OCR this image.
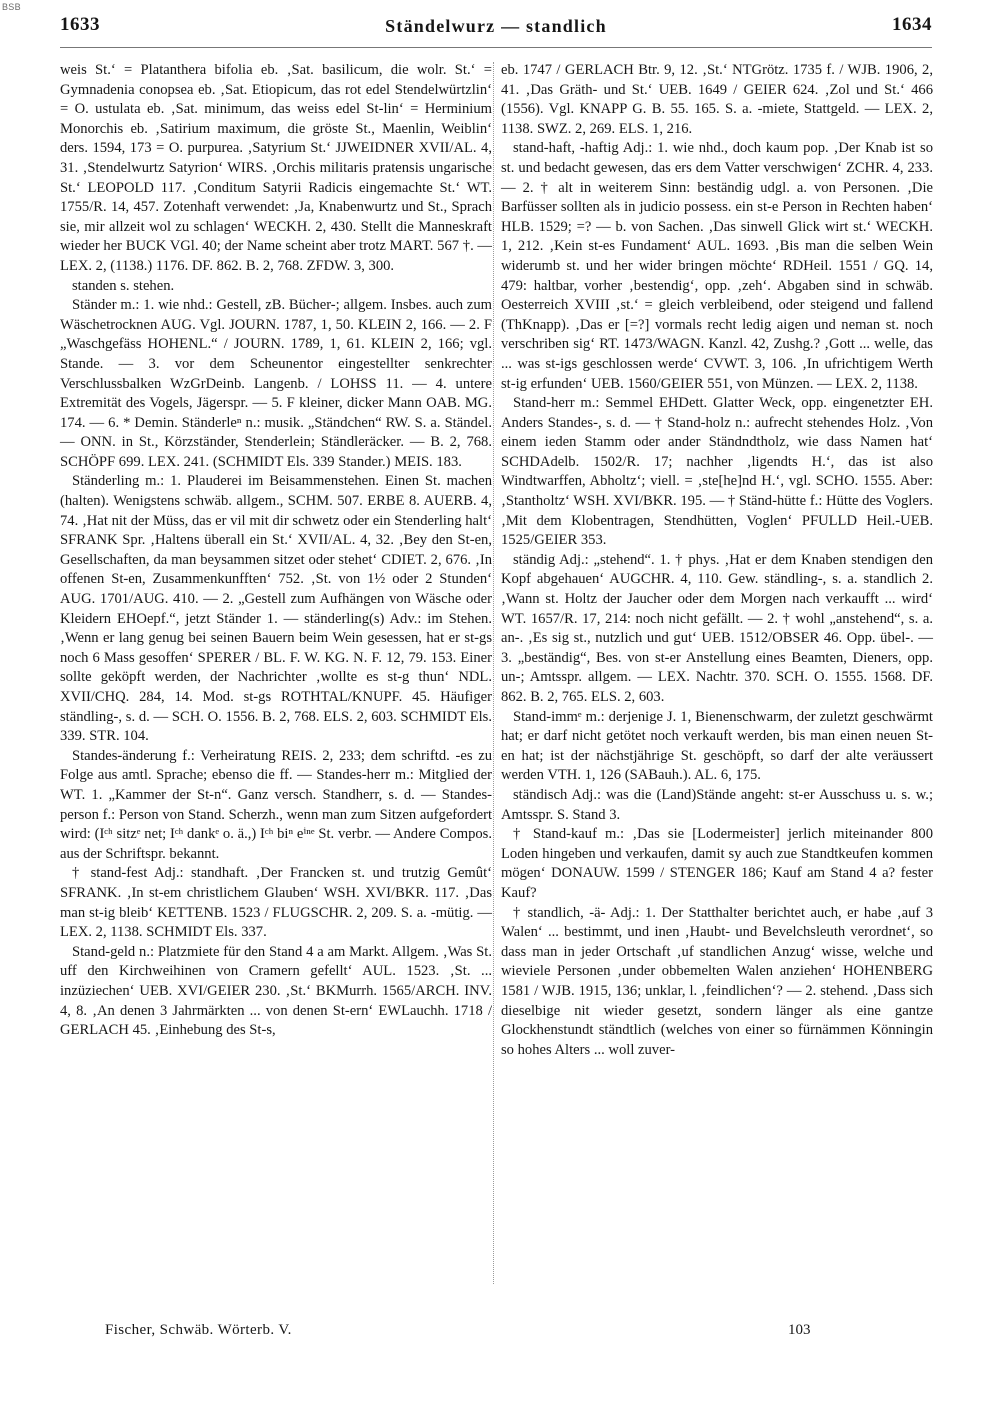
BSB
1633	Ständelwurz — standlich	1634

weis St.‘ = Platanthera bifolia eb. ‚Sat. basilicum, die wolr. St.‘ = Gymnadenia conopsea eb. ‚Sat. Etiopicum, das rot edel Stendelwürtzlin‘ = O. ustulata eb. ‚Sat. minimum, das weiss edel St-lin‘ = Herminium Monorchis eb. ‚Satirium maximum, die gröste St., Maenlin, Weiblin‘ ders. 1594, 173 = O. purpurea. ‚Satyrium St.‘ JJWEIDNER XVII/AL. 4, 31. ‚Stendelwurtz Satyrion‘ WIRS. ‚Orchis militaris pratensis ungarische St.‘ LEOPOLD 117. ‚Conditum Satyrii Radicis eingemachte St.‘ WT. 1755/R. 14, 457. Zotenhaft verwendet: ‚Ja, Knabenwurtz und St., Sprach sie, mir allzeit wol zu schlagen‘ WECKH. 2, 430. Stellt die Manneskraft wieder her BUCK VGl. 40; der Name scheint aber trotz MART. 567 †. — LEX. 2, (1138.) 1176. DF. 862. B. 2, 768. ZFDW. 3, 300.

standen s. stehen.

Ständer m.: 1. wie nhd.: Gestell, zB. Bücher-; allgem. Insbes. auch zum Wäschetrocknen AUG. Vgl. JOURN. 1787, 1, 50. KLEIN 2, 166. — 2. F „Waschgefäss HOHENL.“ / JOURN. 1789, 1, 61. KLEIN 2, 166; vgl. Stande. — 3. vor dem Scheunentor eingestellter senkrechter Verschlussbalken WzGrDeinb. Langenb. / LOHSS 11. — 4. untere Extremität des Vogels, Jägerspr. — 5. F kleiner, dicker Mann OAB. MG. 174. — 6. * Demin. Ständerleⁿ n.: musik. „Ständchen“ RW. S. a. Ständel. — ONN. in St., Körzständer, Stenderlein; Ständleräcker. — B. 2, 768. SCHÖPF 699. LEX. 241. (SCHMIDT Els. 339 Stander.) MEIS. 183.

Ständerling m.: 1. Plauderei im Beisammenstehen. Einen St. machen (halten). Wenigstens schwäb. allgem., SCHM. 507. ERBE 8. AUERB. 4, 74. ‚Hat nit der Müss, das er vil mit dir schwetz oder ein Stenderling halt‘ SFRANK Spr. ‚Haltens überall ein St.‘ XVII/AL. 4, 32. ‚Bey den St-en, Gesellschaften, da man beysammen sitzet oder stehet‘ CDIET. 2, 676. ‚In offenen St-en, Zusammenkunfften‘ 752. ‚St. von 1½ oder 2 Stunden‘ AUG. 1701/AUG. 410. — 2. „Gestell zum Aufhängen von Wäsche oder Kleidern EHOepf.“, jetzt Ständer 1. — ständerling(s) Adv.: im Stehen. ‚Wenn er lang genug bei seinen Bauern beim Wein gesessen, hat er st-gs noch 6 Mass gesoffen‘ SPERER / BL. F. W. KG. N. F. 12, 79. 153. Einer sollte geköpft werden, der Nachrichter ‚wollte es st-g thun‘ NDL. XVII/CHQ. 284, 14. Mod. st-gs ROTHTAL/KNUPF. 45. Häufiger ständling-, s. d. — SCH. O. 1556. B. 2, 768. ELS. 2, 603. SCHMIDT Els. 339. STR. 104.

Standes-änderung f.: Verheiratung REIS. 2, 233; dem schriftd. -es zu Folge aus amtl. Sprache; ebenso die ff. — Standes-herr m.: Mitglied der WT. 1. „Kammer der St-n“. Ganz versch. Standherr, s. d. — Standes-person f.: Person von Stand. Scherzh., wenn man zum Sitzen aufgefordert wird: (Iᶜʰ sitzᵉ net; Iᶜʰ dankᵉ o. ä.,) Iᶜʰ biⁿ eⁱⁿᵉ St. verbr. — Andere Compos. aus der Schriftspr. bekannt.

† stand-fest Adj.: standhaft. ‚Der Francken st. und trutzig Gemût‘ SFRANK. ‚In st-em christlichem Glauben‘ WSH. XVI/BKR. 117. ‚Das man st-ig bleib‘ KETTENB. 1523 / FLUGSCHR. 2, 209. S. a. -mütig. — LEX. 2, 1138. SCHMIDT Els. 337.

Stand-geld n.: Platzmiete für den Stand 4 a am Markt. Allgem. ‚Was St. uff den Kirchweihinen von Cramern gefellt‘ AUL. 1523. ‚St. ... inzüziechen‘ UEB. XVI/GEIER 230. ‚St.‘ BKMurrh. 1565/ARCH. INV. 4, 8. ‚An denen 3 Jahrmärkten ... von denen St-ern‘ EWLauchh. 1718 / GERLACH 45. ‚Einhebung des St-s,

eb. 1747 / GERLACH Btr. 9, 12. ‚St.‘ NTGrötz. 1735 f. / WJB. 1906, 2, 41. ‚Das Gräth- und St.‘ UEB. 1649 / GEIER 624. ‚Zol und St.‘ 466 (1556). Vgl. KNAPP G. B. 55. 165. S. a. -miete, Stattgeld. — LEX. 2, 1138. SWZ. 2, 269. ELS. 1, 216.

stand-haft, -haftig Adj.: 1. wie nhd., doch kaum pop. ‚Der Knab ist so st. und bedacht gewesen, das ers dem Vatter verschwigen‘ ZCHR. 4, 233. — 2. † alt in weiterem Sinn: beständig udgl. a. von Personen. ‚Die Barfüsser sollten als in judicio possess. ein st-e Person in Rechten haben‘ HLB. 1529; =? — b. von Sachen. ‚Das sinwell Glick wirt st.‘ WECKH. 1, 212. ‚Kein st-es Fundament‘ AUL. 1693. ‚Bis man die selben Wein widerumb st. und her wider bringen möchte‘ RDHeil. 1551 / GQ. 14, 479: haltbar, vorher ‚bestendig‘, opp. ‚zeh‘. Abgaben sind in schwäb. Oesterreich XVIII ‚st.‘ = gleich verbleibend, oder steigend und fallend (ThKnapp). ‚Das er [=?] vormals recht ledig aigen und neman st. noch verschriben sig‘ RT. 1473/WAGN. Kanzl. 42, Zushg.? ‚Gott ... welle, das ... was st-igs geschlossen werde‘ CVWT. 3, 106. ‚In ufrichtigem Werth st-ig erfunden‘ UEB. 1560/GEIER 551, von Münzen. — LEX. 2, 1138.

Stand-herr m.: Semmel EHDett. Glatter Weck, opp. eingenetzter EH. Anders Standes-, s. d. — † Stand-holz n.: aufrecht stehendes Holz. ‚Von einem ieden Stamm oder ander Ständndtholz, wie dass Namen hat‘ SCHDAdelb. 1502/R. 17; nachher ‚ligendts H.‘, das ist also Windtwarffen, Abholtz‘; viell. = ‚ste[he]nd H.‘, vgl. SCHO. 1555. Aber: ‚Stantholtz‘ WSH. XVI/BKR. 195. — † Ständ-hütte f.: Hütte des Voglers. ‚Mit dem Klobentragen, Stendhütten, Voglen‘ PFULLD Heil.-UEB. 1525/GEIER 353.

ständig Adj.: „stehend“. 1. † phys. ‚Hat er dem Knaben stendigen den Kopf abgehauen‘ AUGCHR. 4, 110. Gew. ständling-, s. a. standlich 2. ‚Wann st. Holtz der Jaucher oder dem Morgen nach verkaufft ... wird‘ WT. 1657/R. 17, 214: noch nicht gefällt. — 2. † wohl „anstehend“, s. a. an-. ‚Es sig st., nutzlich und gut‘ UEB. 1512/OBSER 46. Opp. übel-. — 3. „beständig“, Bes. von st-er Anstellung eines Beamten, Dieners, opp. un-; Amtsspr. allgem. — LEX. Nachtr. 370. SCH. O. 1555. 1568. DF. 862. B. 2, 765. ELS. 2, 603.

Stand-immᵉ m.: derjenige J. 1, Bienenschwarm, der zuletzt geschwärmt hat; er darf nicht getötet noch verkauft werden, bis man einen neuen St-en hat; ist der nächstjährige St. geschöpft, so darf der alte veräussert werden VTH. 1, 126 (SABauh.). AL. 6, 175.

ständisch Adj.: was die (Land)Stände angeht: st-er Ausschuss u. s. w.; Amtsspr. S. Stand 3.

† Stand-kauf m.: ‚Das sie [Lodermeister] jerlich miteinander 800 Loden hingeben und verkaufen, damit sy auch zue Standtkeufen kommen mögen‘ DONAUW. 1599 / STENGER 186; Kauf am Stand 4 a? fester Kauf?

† standlich, -ä- Adj.: 1. Der Statthalter berichtet auch, er habe ‚auf 3 Walen‘ ... bestimmt, und inen ‚Haubt- und Bevelchsleuth verordnet‘, so dass man in jeder Ortschaft ‚uf standlichen Anzug‘ wisse, welche und wieviele Personen ‚under obbemelten Walen anziehen‘ HOHENBERG 1581 / WJB. 1915, 136; unklar, l. ‚feindlichen‘? — 2. stehend. ‚Dass sich dieselbige nit wieder gesetzt, sondern länger als eine gantze Glockhenstundt ständtlich (welches von einer so fürnämmen Könningin so hohes Alters ... woll zuver-

Fischer, Schwäb. Wörterb. V.	103
